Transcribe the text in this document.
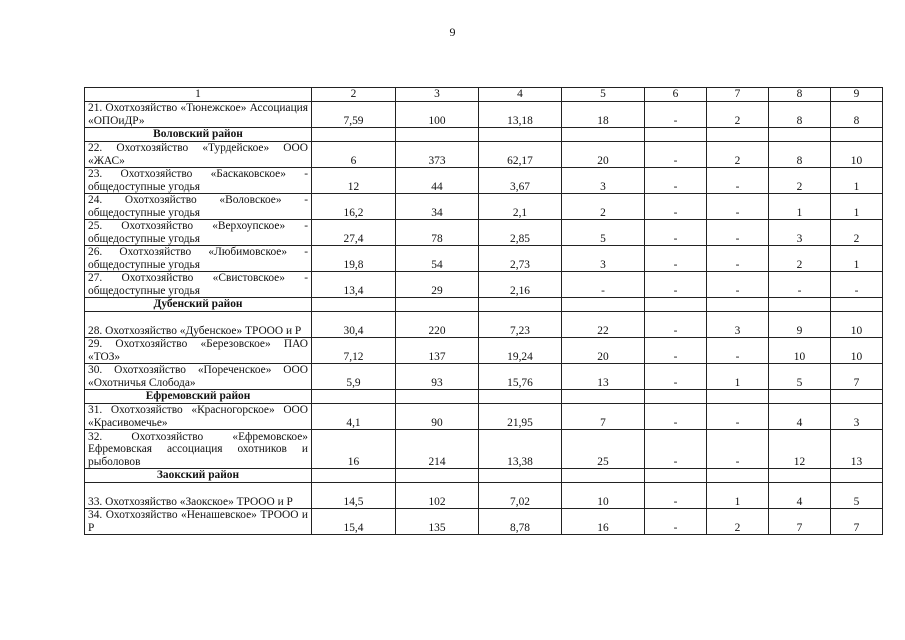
9
1	2	3	4	5	6	7	8	9
21. Охотхозяйство «Тюнежское» Ассоциация «ОПОиДР»	7,59	100	13,18	18	-	2	8	8
Воловский район								
22. Охотхозяйство «Турдейское» ООО «ЖАС»	6	373	62,17	20	-	2	8	10
23. Охотхозяйство «Баскаковское» - общедоступные угодья	12	44	3,67	3	-	-	2	1
24. Охотхозяйство «Воловское» - общедоступные угодья	16,2	34	2,1	2	-	-	1	1
25. Охотхозяйство «Верхоупское» - общедоступные угодья	27,4	78	2,85	5	-	-	3	2
26. Охотхозяйство «Любимовское» - общедоступные угодья	19,8	54	2,73	3	-	-	2	1
27. Охотхозяйство «Свистовское» - общедоступные угодья	13,4	29	2,16	-	-	-	-	-
Дубенский район								
28. Охотхозяйство «Дубенское» ТРООО и Р	30,4	220	7,23	22	-	3	9	10
29. Охотхозяйство «Березовское» ПАО «ТОЗ»	7,12	137	19,24	20	-	-	10	10
30. Охотхозяйство «Пореченское» ООО «Охотничья Слобода»	5,9	93	15,76	13	-	1	5	7
Ефремовский район								
31. Охотхозяйство «Красногорское» ООО «Красивомечье»	4,1	90	21,95	7	-	-	4	3
32. Охотхозяйство «Ефремовское» Ефремовская ассоциация охотников и рыболовов	16	214	13,38	25	-	-	12	13
Заокский район								
33. Охотхозяйство «Заокское» ТРООО и Р	14,5	102	7,02	10	-	1	4	5
34. Охотхозяйство «Ненашевское» ТРООО и Р	15,4	135	8,78	16	-	2	7	7
